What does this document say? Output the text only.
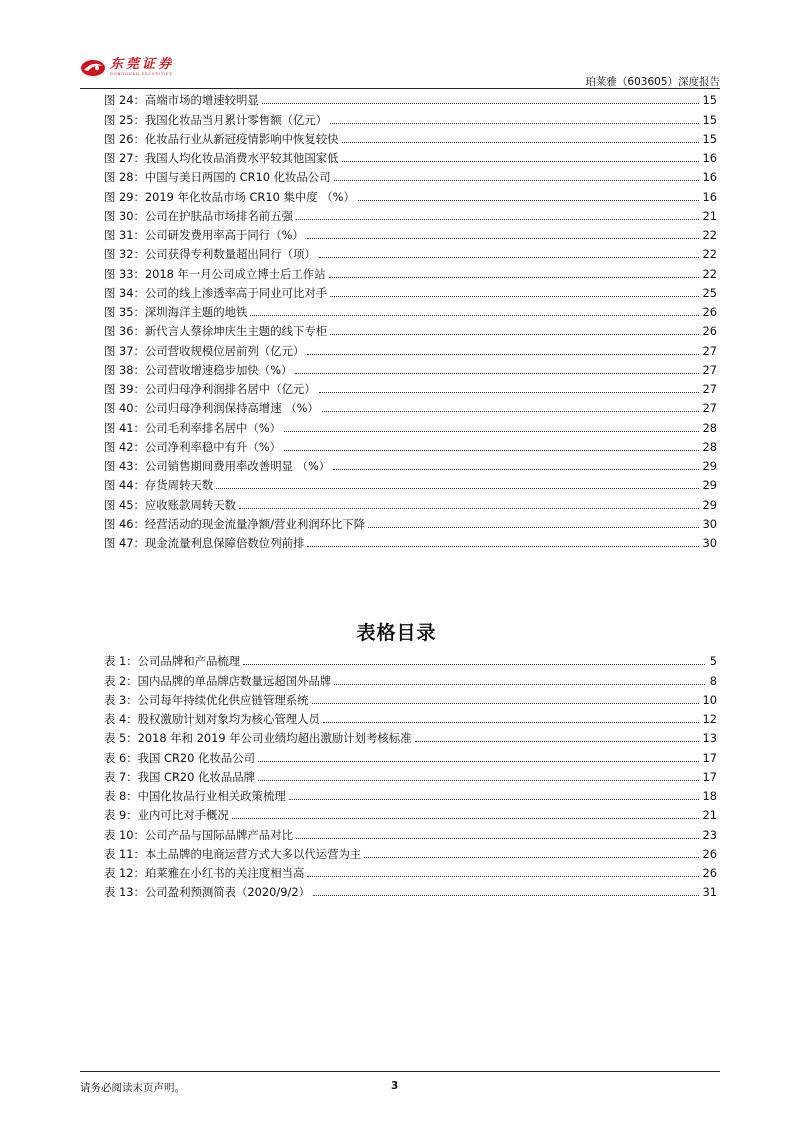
东莞证券
DONGGUAN SECURITIES
珀莱雅（603605）深度报告
图 24：高端市场的增速较明显	15
图 25：我国化妆品当月累计零售额（亿元）	15
图 26：化妆品行业从新冠疫情影响中恢复较快	15
图 27：我国人均化妆品消费水平较其他国家低	16
图 28：中国与美日两国的 CR10 化妆品公司	16
图 29：2019 年化妆品市场 CR10 集中度 （%）	16
图 30：公司在护肤品市场排名前五强	21
图 31：公司研发费用率高于同行（%）	22
图 32：公司获得专利数量超出同行（项）	22
图 33：2018 年一月公司成立博士后工作站	22
图 34：公司的线上渗透率高于同业可比对手	25
图 35：深圳海洋主题的地铁	26
图 36：新代言人蔡徐坤庆生主题的线下专柜	26
图 37：公司营收规模位居前列（亿元）	27
图 38：公司营收增速稳步加快（%）	27
图 39：公司归母净利润排名居中（亿元）	27
图 40：公司归母净利润保持高增速 （%）	27
图 41：公司毛利率排名居中（%）	28
图 42：公司净利率稳中有升（%）	28
图 43：公司销售期间费用率改善明显 （%）	29
图 44：存货周转天数	29
图 45：应收账款周转天数	29
图 46：经营活动的现金流量净额/营业利润环比下降	30
图 47：现金流量利息保障倍数位列前排	30
表格目录
表 1：公司品牌和产品梳理	5
表 2：国内品牌的单品牌店数量远超国外品牌	8
表 3：公司每年持续优化供应链管理系统	10
表 4：股权激励计划对象均为核心管理人员	12
表 5：2018 年和 2019 年公司业绩均超出激励计划考核标准	13
表 6：我国 CR20 化妆品公司	17
表 7：我国 CR20 化妆品品牌	17
表 8：中国化妆品行业相关政策梳理	18
表 9：业内可比对手概况	21
表 10：公司产品与国际品牌产品对比	23
表 11：本土品牌的电商运营方式大多以代运营为主	26
表 12：珀莱雅在小红书的关注度相当高	26
表 13：公司盈利预测简表（2020/9/2）	31
请务必阅读末页声明。	3
